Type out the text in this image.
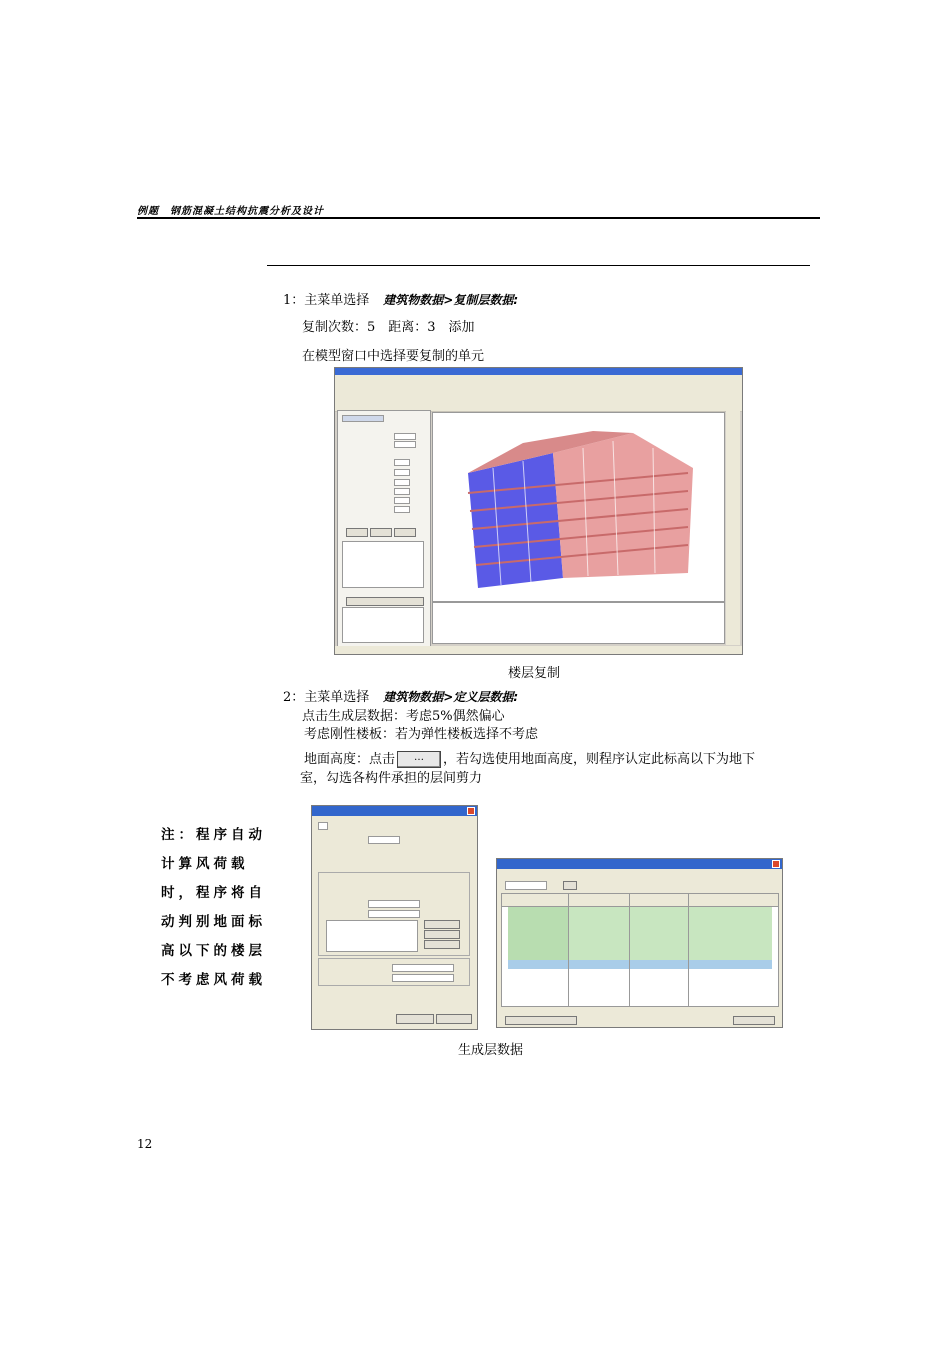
例题　钢筋混凝土结构抗震分析及设计
1：主菜单选择 建筑物数据>复制层数据:
复制次数：5　距离：3　添加
在模型窗口中选择要复制的单元
楼层复制
2：主菜单选择 建筑物数据>定义层数据:
点击生成层数据：考虑5%偶然偏心
考虑刚性楼板：若为弹性楼板选择不考虑
地面高度：点击 … ，若勾选使用地面高度，则程序认定此标高以下为地下
室，勾选各构件承担的层间剪力
注：程序自动
计算风荷载
时，程序将自
动判别地面标
高以下的楼层
不考虑风荷载
生成层数据
12
